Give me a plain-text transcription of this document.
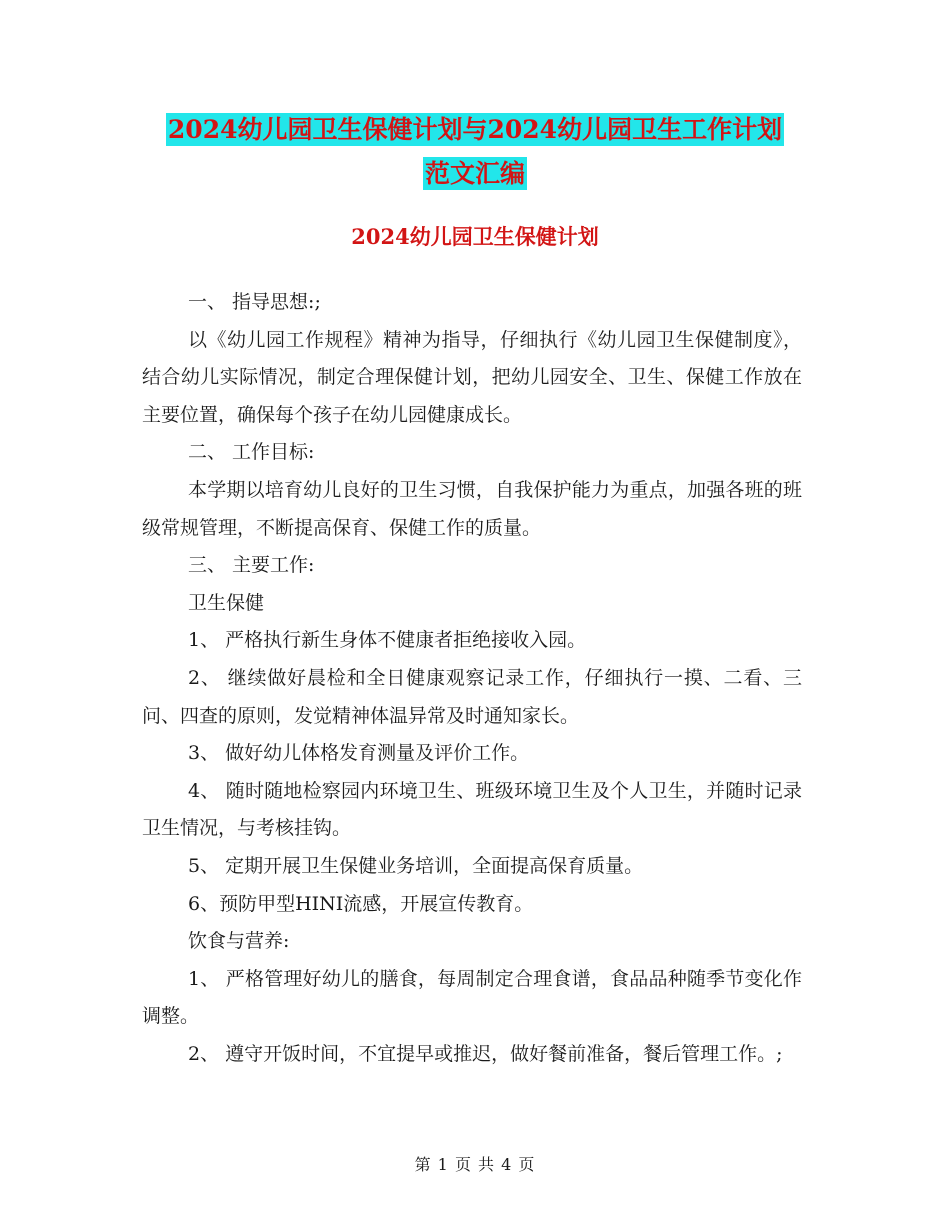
2024幼儿园卫生保健计划与2024幼儿园卫生工作计划
范文汇编
2024幼儿园卫生保健计划

一、 指导思想:;

以《幼儿园工作规程》精神为指导，仔细执行《幼儿园卫生保健制度》，结合幼儿实际情况，制定合理保健计划，把幼儿园安全、卫生、保健工作放在主要位置，确保每个孩子在幼儿园健康成长。

二、 工作目标:

本学期以培育幼儿良好的卫生习惯，自我保护能力为重点，加强各班的班级常规管理，不断提高保育、保健工作的质量。

三、 主要工作:

卫生保健

1、 严格执行新生身体不健康者拒绝接收入园。

2、 继续做好晨检和全日健康观察记录工作，仔细执行一摸、二看、三问、四查的原则，发觉精神体温异常及时通知家长。

3、 做好幼儿体格发育测量及评价工作。

4、 随时随地检察园内环境卫生、班级环境卫生及个人卫生，并随时记录卫生情况，与考核挂钩。

5、 定期开展卫生保健业务培训，全面提高保育质量。

6、预防甲型HINI流感，开展宣传教育。

饮食与营养:

1、 严格管理好幼儿的膳食，每周制定合理食谱，食品品种随季节变化作调整。

2、 遵守开饭时间，不宜提早或推迟，做好餐前准备，餐后管理工作。;

第 1 页 共 4 页
